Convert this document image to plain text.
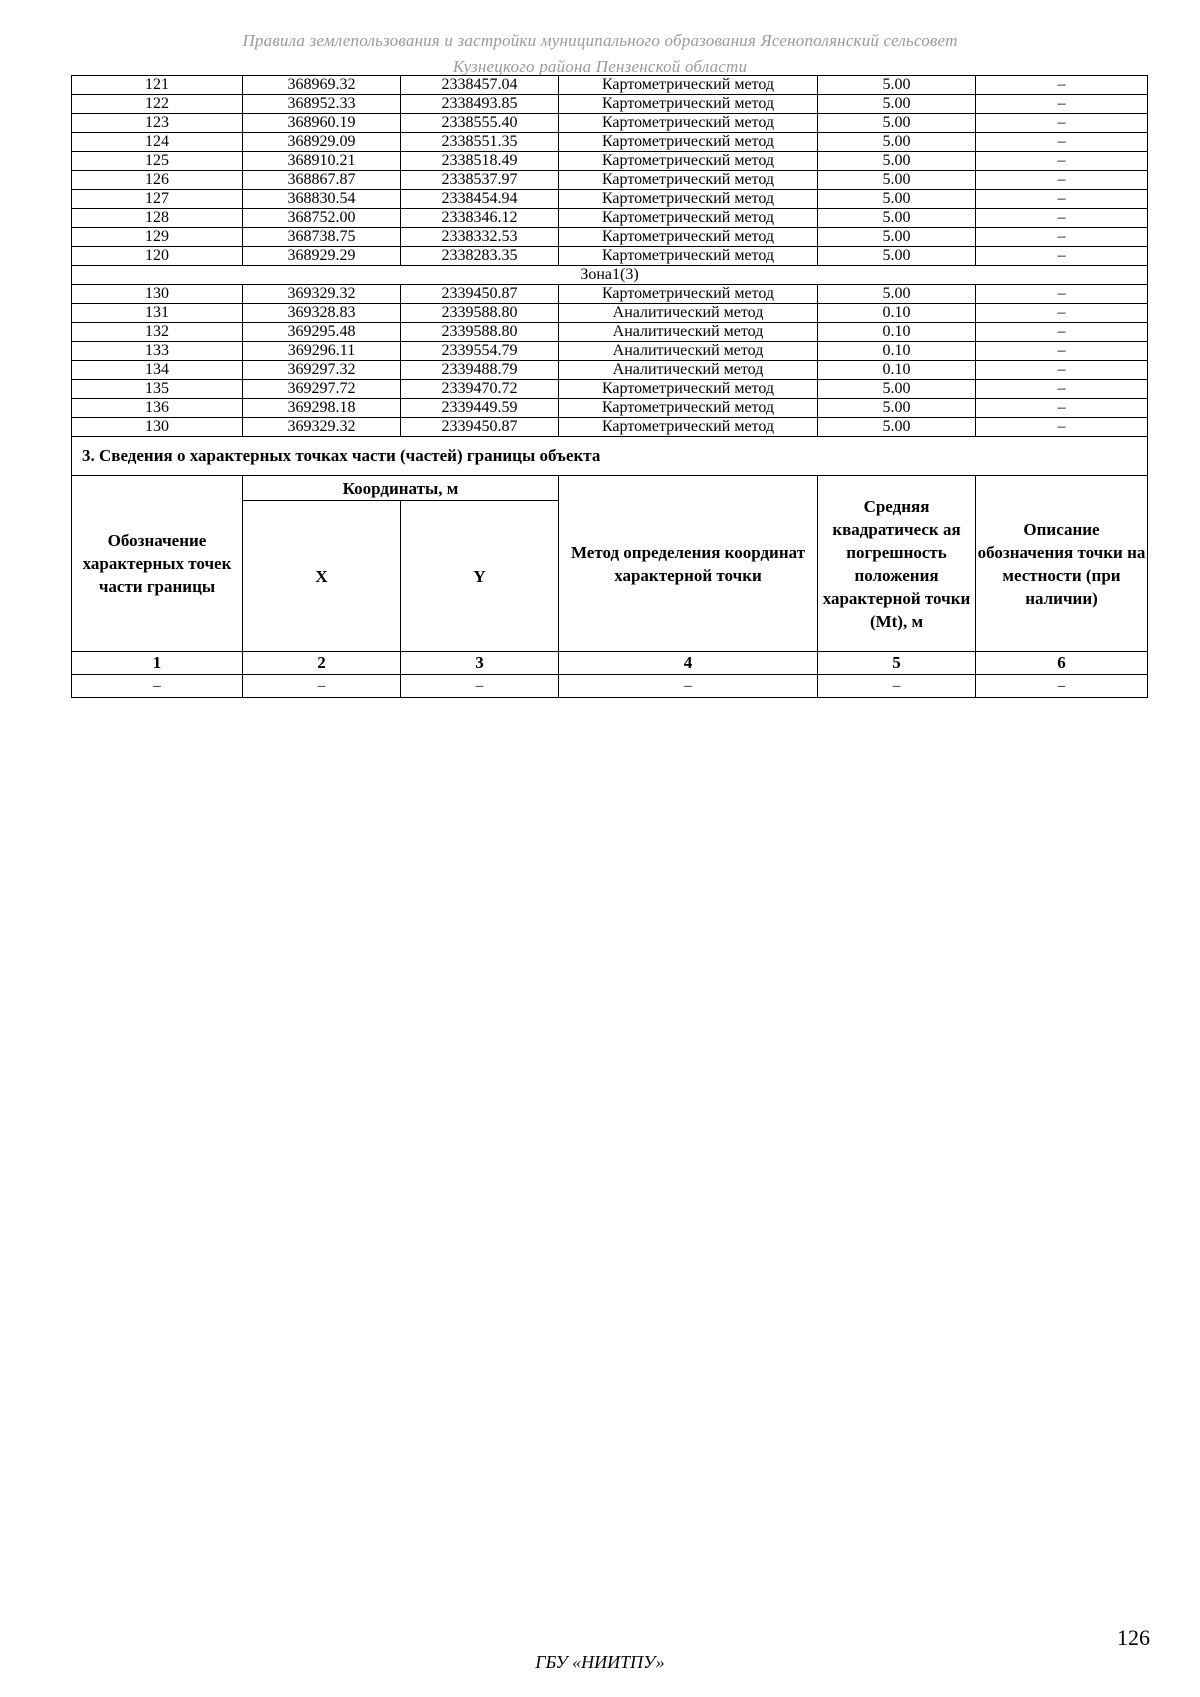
Правила землепользования и застройки муниципального образования Ясенополянский сельсовет
Кузнецкого района Пензенской области
121	368969.32	2338457.04	Картометрический метод	5.00	–
122	368952.33	2338493.85	Картометрический метод	5.00	–
123	368960.19	2338555.40	Картометрический метод	5.00	–
124	368929.09	2338551.35	Картометрический метод	5.00	–
125	368910.21	2338518.49	Картометрический метод	5.00	–
126	368867.87	2338537.97	Картометрический метод	5.00	–
127	368830.54	2338454.94	Картометрический метод	5.00	–
128	368752.00	2338346.12	Картометрический метод	5.00	–
129	368738.75	2338332.53	Картометрический метод	5.00	–
120	368929.29	2338283.35	Картометрический метод	5.00	–
Зона1(3)					
130	369329.32	2339450.87	Картометрический метод	5.00	–
131	369328.83	2339588.80	Аналитический метод	0.10	–
132	369295.48	2339588.80	Аналитический метод	0.10	–
133	369296.11	2339554.79	Аналитический метод	0.10	–
134	369297.32	2339488.79	Аналитический метод	0.10	–
135	369297.72	2339470.72	Картометрический метод	5.00	–
136	369298.18	2339449.59	Картометрический метод	5.00	–
130	369329.32	2339450.87	Картометрический метод	5.00	–
3. Сведения о характерных точках части (частей) границы объекта					
Обозначение характерных точек части границы	Координаты, м		Метод определения координат характерной точки	Средняя квадратическ ая погрешность положения характерной точки (Mt), м	Описание обозначения точки на местности (при наличии)
	X	Y			
1	2	3	4	5	6
–	–	–	–	–	–
126
ГБУ «НИИТПУ»
